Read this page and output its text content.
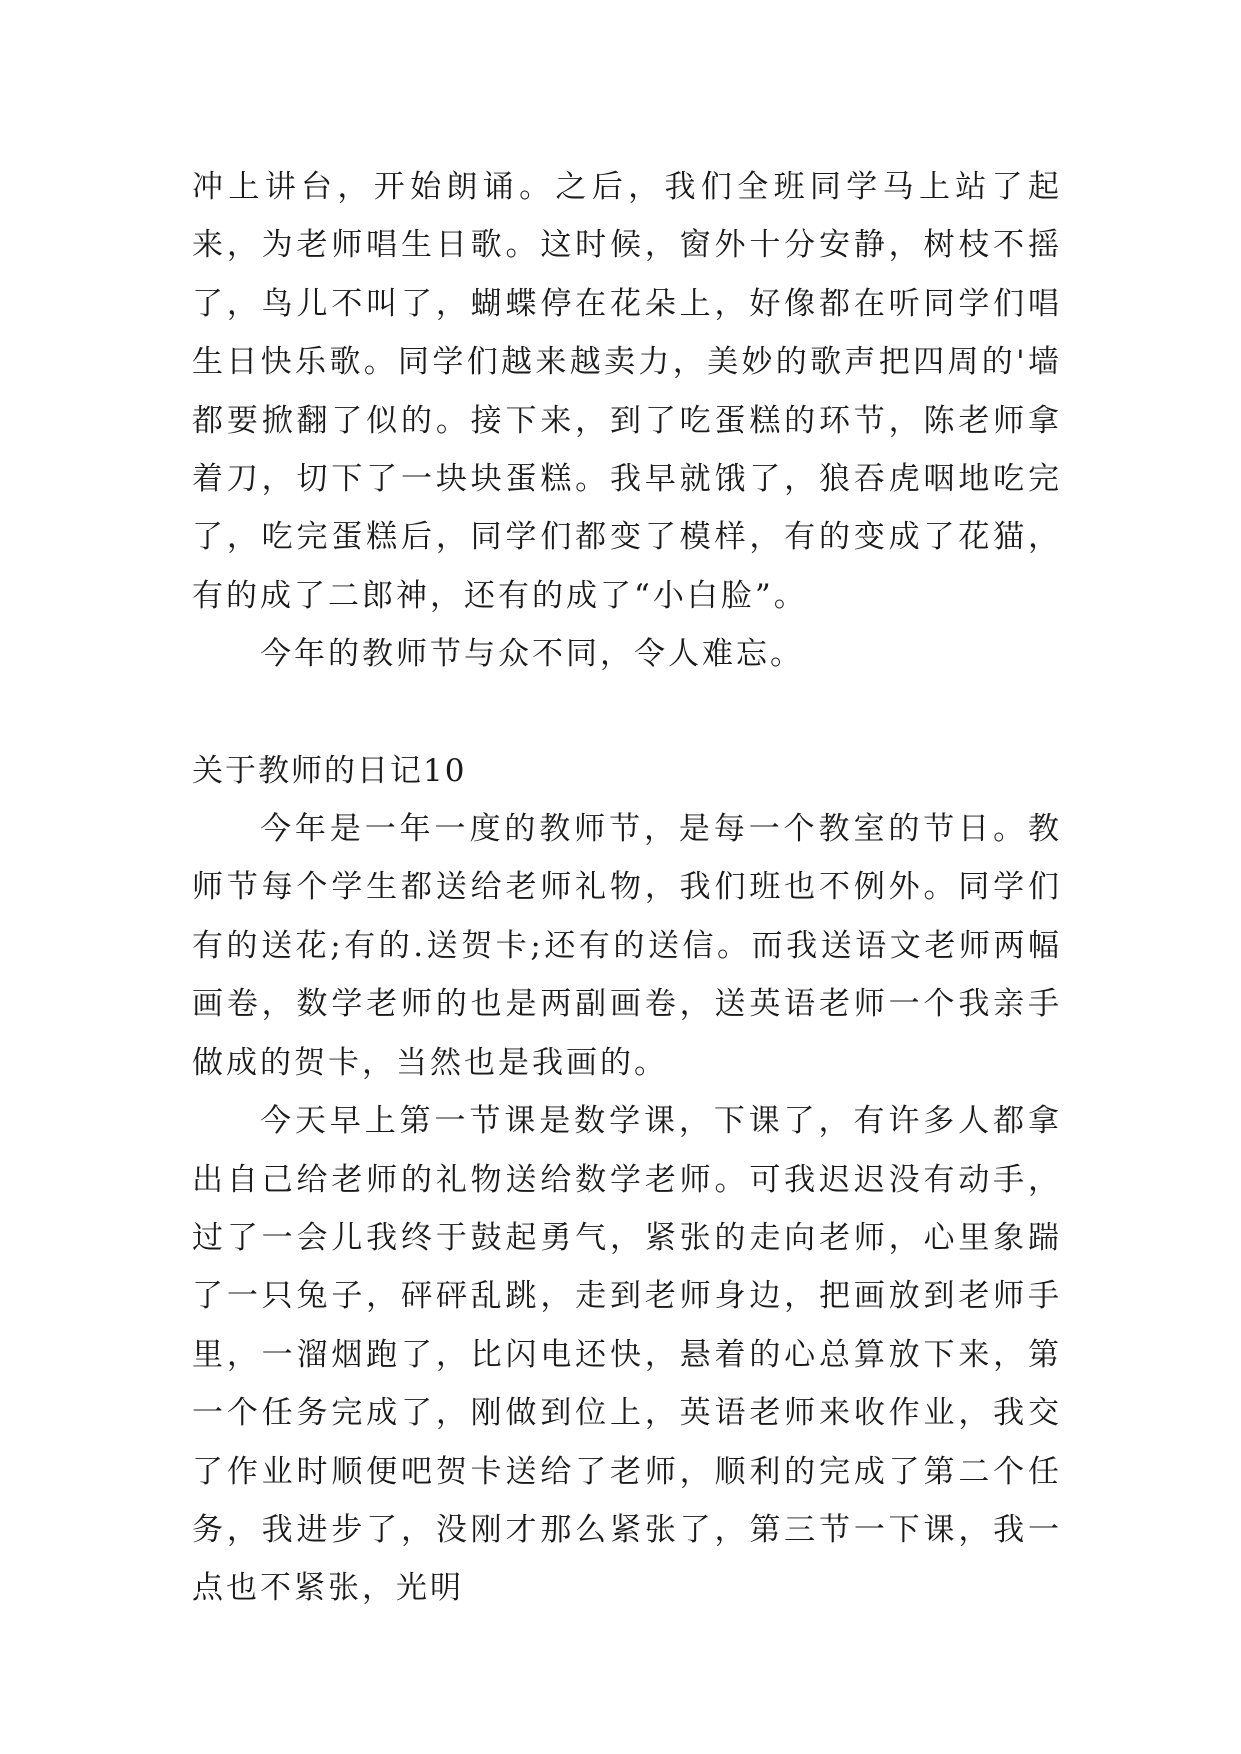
冲上讲台，开始朗诵。之后，我们全班同学马上站了起来，为老师唱生日歌。这时候，窗外十分安静，树枝不摇了，鸟儿不叫了，蝴蝶停在花朵上，好像都在听同学们唱生日快乐歌。同学们越来越卖力，美妙的歌声把四周的'墙都要掀翻了似的。接下来，到了吃蛋糕的环节，陈老师拿着刀，切下了一块块蛋糕。我早就饿了，狼吞虎咽地吃完了，吃完蛋糕后，同学们都变了模样，有的变成了花猫，有的成了二郎神，还有的成了“小白脸”。

今年的教师节与众不同，令人难忘。

关于教师的日记10

今年是一年一度的教师节，是每一个教室的节日。教师节每个学生都送给老师礼物，我们班也不例外。同学们有的送花;有的.送贺卡;还有的送信。而我送语文老师两幅画卷，数学老师的也是两副画卷，送英语老师一个我亲手做成的贺卡，当然也是我画的。

今天早上第一节课是数学课，下课了，有许多人都拿出自己给老师的礼物送给数学老师。可我迟迟没有动手，过了一会儿我终于鼓起勇气，紧张的走向老师，心里象踹了一只兔子，砰砰乱跳，走到老师身边，把画放到老师手里，一溜烟跑了，比闪电还快，悬着的心总算放下来，第一个任务完成了，刚做到位上，英语老师来收作业，我交了作业时顺便吧贺卡送给了老师，顺利的完成了第二个任务，我进步了，没刚才那么紧张了，第三节一下课，我一点也不紧张，光明
